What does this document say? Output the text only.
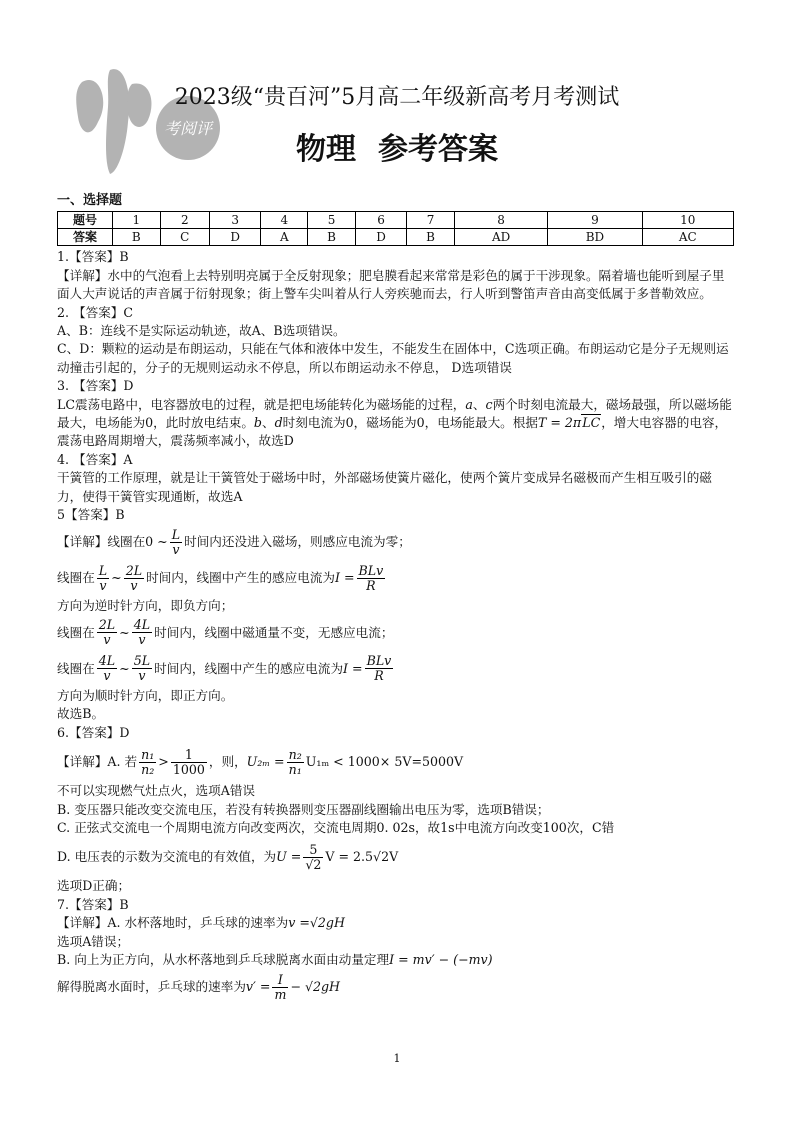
考阅评
2023级“贵百河”5月高二年级新高考月考测试
物理 参考答案

一、选择题

题号	1	2	3	4	5	6	7	8	9	10
答案	B	C	D	A	B	D	B	AD	BD	AC

1.【答案】B

【详解】水中的气泡看上去特别明亮属于全反射现象；肥皂膜看起来常常是彩色的属于干涉现象。隔着墙也能听到屋子里面人大声说话的声音属于衍射现象；街上警车尖叫着从行人旁疾驰而去，行人听到警笛声音由高变低属于多普勒效应。

2. 【答案】C

A、B：连线不是实际运动轨迹，故A、B选项错误。

C、D：颗粒的运动是布朗运动，只能在气体和液体中发生，不能发生在固体中，C选项正确。布朗运动它是分子无规则运动撞击引起的，分子的无规则运动永不停息，所以布朗运动永不停息， D选项错误

3. 【答案】D

LC震荡电路中，电容器放电的过程，就是把电场能转化为磁场能的过程，a、c两个时刻电流最大，磁场最强，所以磁场能最大，电场能为0，此时放电结束。b、d时刻电流为0，磁场能为0，电场能最大。根据T = 2πLC，增大电容器的电容，震荡电路周期增大，震荡频率减小，故选D

4. 【答案】A

干簧管的工作原理，就是让干簧管处于磁场中时，外部磁场使簧片磁化，使两个簧片变成异名磁极而产生相互吸引的磁力，使得干簧管实现通断，故选A

5【答案】B

【详解】线圈在0 ~ $\frac{L}{v}$ 时间内还没进入磁场，则感应电流为零；
线圈在 $\frac{L}{v}$ ~ $\frac{2L}{v}$ 时间内，线圈中产生的感应电流为 $I = \frac{\text{BLv}}{R}$

方向为逆时针方向，即负方向；

线圈在 $\frac{2L}{v}$ ~ $\frac{4L}{v}$ 时间内，线圈中磁通量不变，无感应电流；
线圈在 $\frac{4L}{v}$ ~ $\frac{5L}{v}$ 时间内，线圈中产生的感应电流为 $I = \frac{\text{BLv}}{R}$

方向为顺时针方向，即正方向。

故选B。

6.【答案】D

【详解】A. 若 $\frac{\text{n₁}}{\text{n₂}} > \frac{1}{1000}$ ，则， $U_{2m} = \frac{\text{n₂}}{\text{n₁}} U_{1m} < 1000\times 5V=5000V$

不可以实现燃气灶点火，选项A错误

B. 变压器只能改变交流电压，若没有转换器则变压器副线圈输出电压为零，选项B错误；

C. 正弦式交流电一个周期电流方向改变两次，交流电周期0. 02s，故1s中电流方向改变100次，C错

D. 电压表的示数为交流电的有效值，为 $U = \frac{5}{√2}$ V = 2.5√2V

选项D正确；

7.【答案】B

【详解】A. 水杯落地时，乒乓球的速率为v =√2gH

选项A错误；

B. 向上为正方向，从水杯落地到乒乓球脱离水面由动量定理I = mv′ − (−mv)

解得脱离水面时，乒乓球的速率为 $v' = \frac{I}{m} - √2gH$
1
